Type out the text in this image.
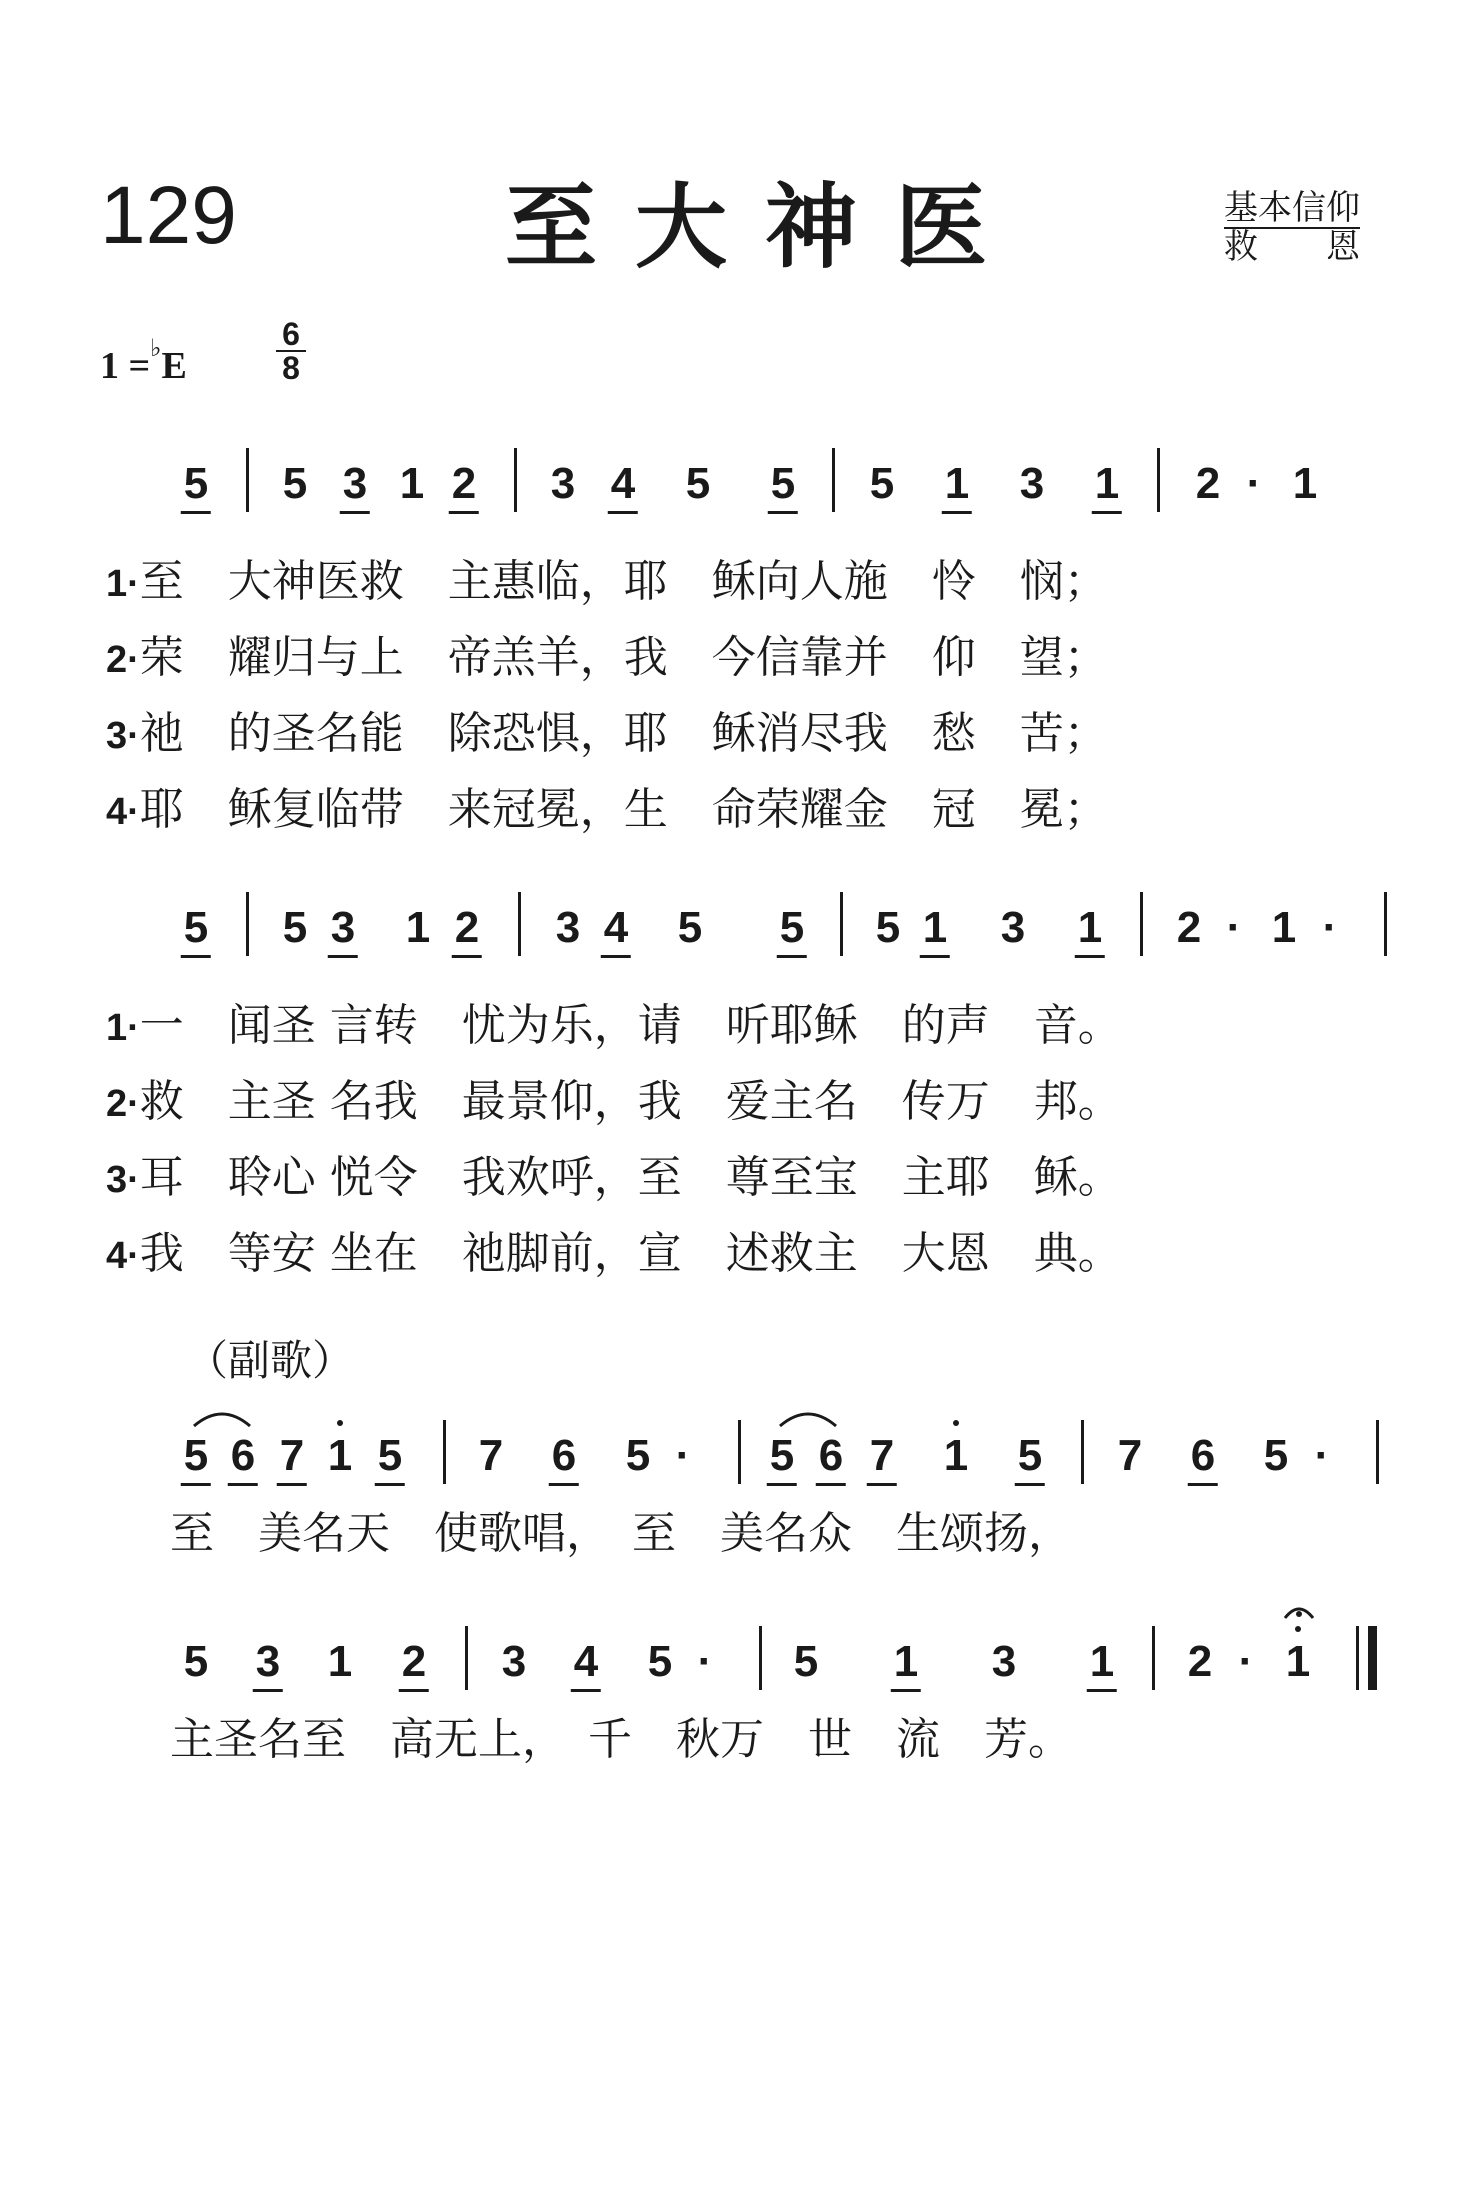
129	至大神医	基本信仰
救　　恩
1 =♭E
6
8
5 5 3 1 2 3 4 5 5 5 1 3 1 2 · 1
1·至　大神医救　主惠临，耶　稣向人施　怜　悯；
2·荣　耀归与上　帝羔羊，我　今信靠并　仰　望；
3·祂　的圣名能　除恐惧，耶　稣消尽我　愁　苦；
4·耶　稣复临带　来冠冕，生　命荣耀金　冠　冕；
5 5 3 1 2 3 4 5 5 5 1 3 1 2 · 1 ·
1·一　闻圣 言转　忧为乐，请　听耶稣　的声　音。
2·救　主圣 名我　最景仰，我　爱主名　传万　邦。
3·耳　聆心 悦令　我欢呼，至　尊至宝　主耶　稣。
4·我　等安 坐在　祂脚前，宣　述救主　大恩　典。
（副歌）
5 6 7 1 5 7 6 5 · 5 6 7 1 5 7 6 5 ·
至　美名天　使歌唱，　至　美名众　生颂扬，
5 3 1 2 3 4 5 · 5 1 3 1 2 · 1
主圣名至　高无上，　千　秋万　世　流　芳。
